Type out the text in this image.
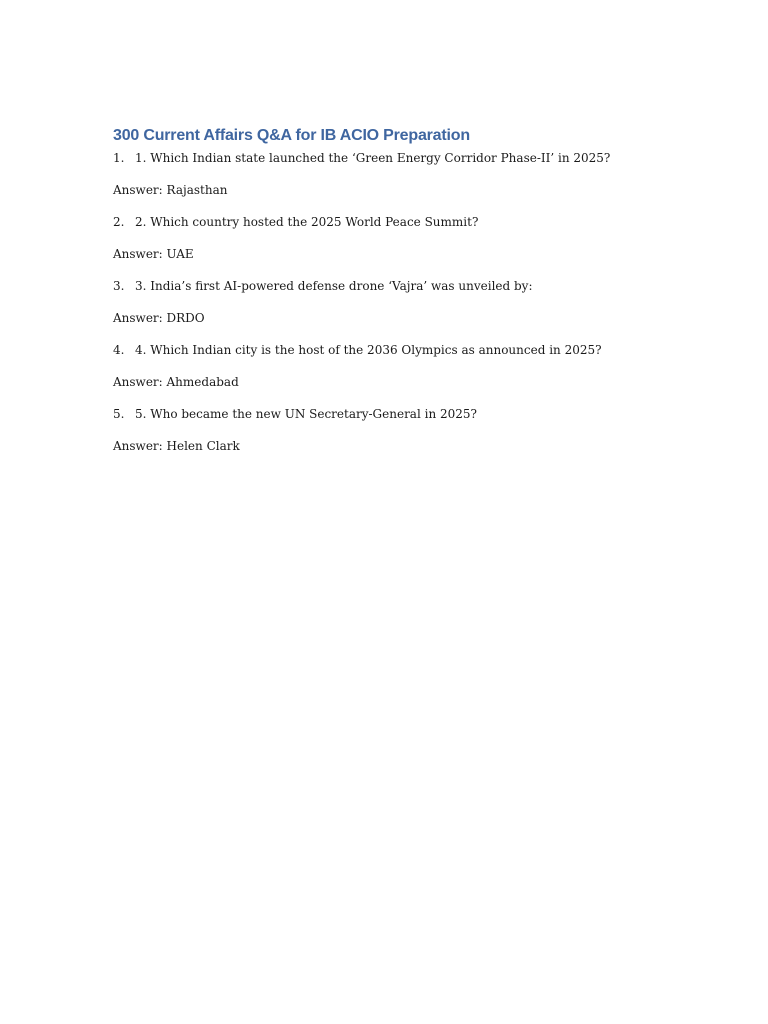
300 Current Affairs Q&A for IB ACIO Preparation
1. 1. Which Indian state launched the ‘Green Energy Corridor Phase-II’ in 2025?
Answer: Rajasthan
2. 2. Which country hosted the 2025 World Peace Summit?
Answer: UAE
3. 3. India’s first AI-powered defense drone ‘Vajra’ was unveiled by:
Answer: DRDO
4. 4. Which Indian city is the host of the 2036 Olympics as announced in 2025?
Answer: Ahmedabad
5. 5. Who became the new UN Secretary-General in 2025?
Answer: Helen Clark
